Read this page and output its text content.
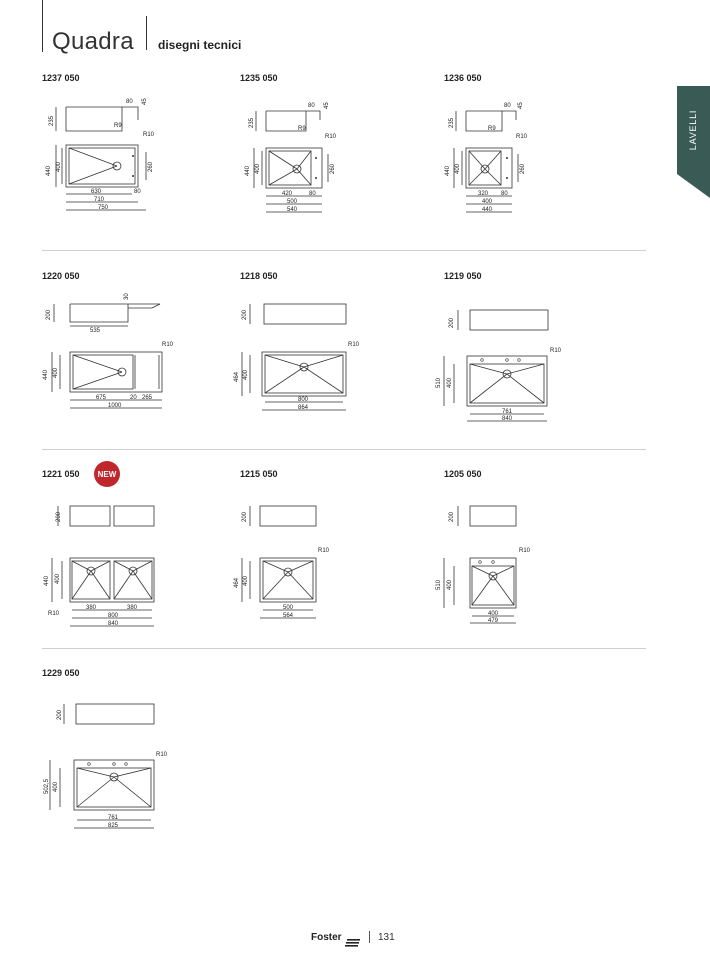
Quadra disegni tecnici
LAVELLI
1237 050	1235 050	1236 050
1220 050	1218 050	1219 050
1221 050	1215 050	1205 050
1229 050
NEW
80 45
235	R9
R10
440 400	260
630	80
710
750
80 45
235
R9
R10
440 400	260
420	80
500
540
80 45
235
R9
R10
440 400	260
320 80
400
440
30
200
535
R10
440 400
675	20 265
1000
200
R10
464 400
800
864
200
R10
510 400
761
840
200
440 400
R10
380	380
800
840
200
R10
464 400
500
564
200
R10
510 400
400
479
200
R10
502,5 400
761
825
Foster	131
